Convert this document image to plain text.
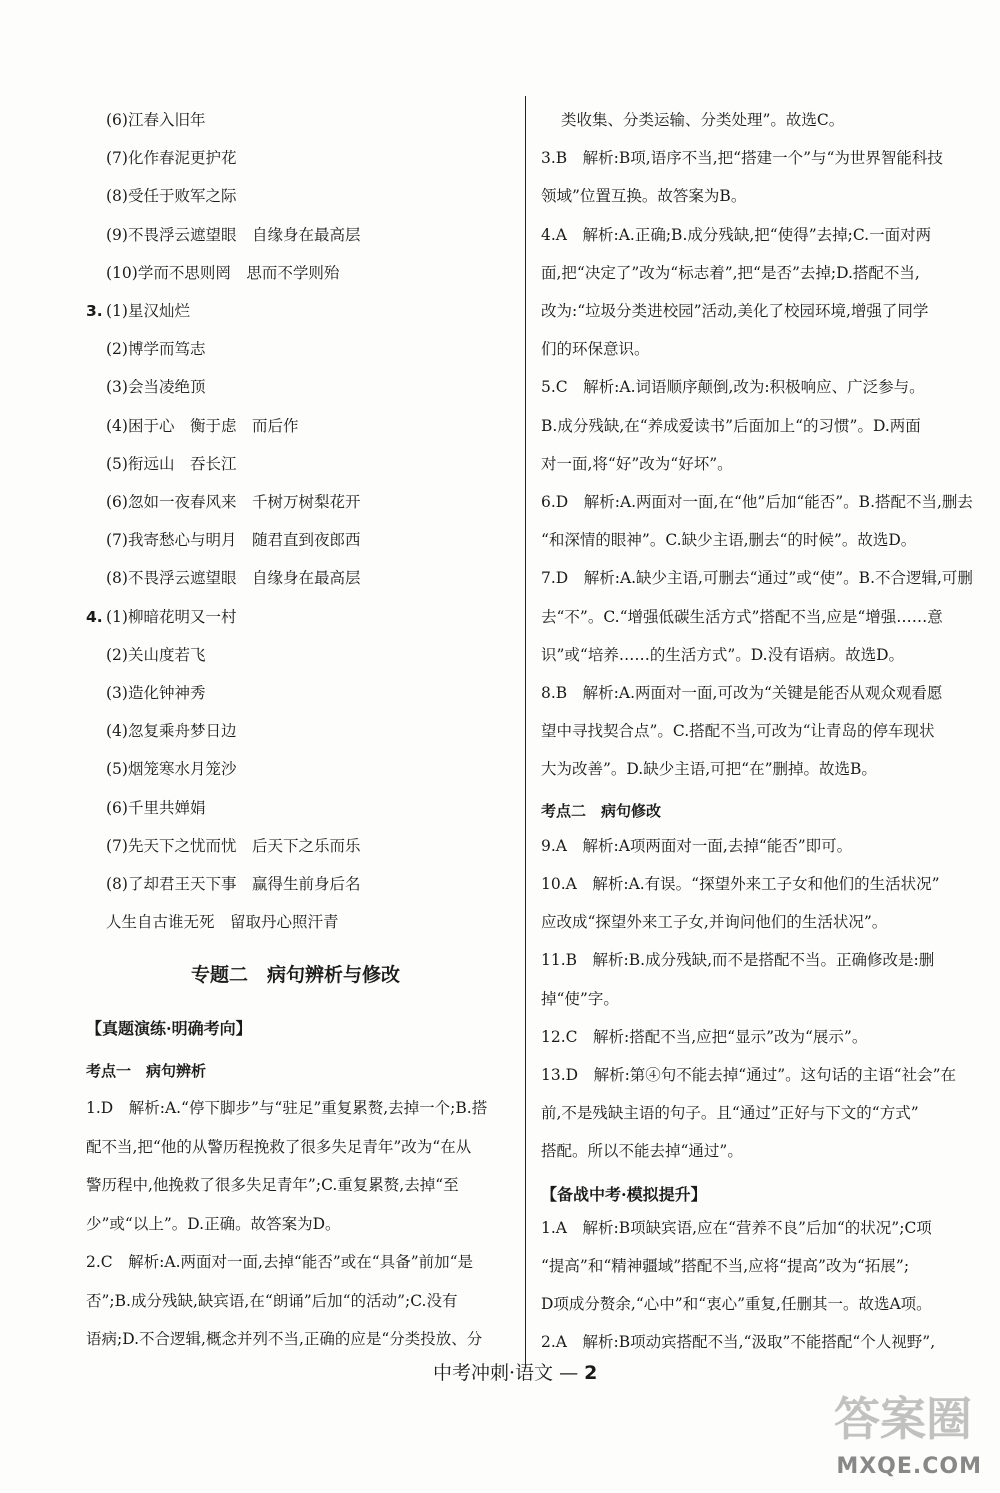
(6)江春入旧年
(7)化作春泥更护花
(8)受任于败军之际
(9)不畏浮云遮望眼　自缘身在最高层
(10)学而不思则罔　思而不学则殆
3. (1)星汉灿烂
(2)博学而笃志
(3)会当凌绝顶
(4)困于心　衡于虑　而后作
(5)衔远山　吞长江
(6)忽如一夜春风来　千树万树梨花开
(7)我寄愁心与明月　随君直到夜郎西
(8)不畏浮云遮望眼　自缘身在最高层
4. (1)柳暗花明又一村
(2)关山度若飞
(3)造化钟神秀
(4)忽复乘舟梦日边
(5)烟笼寒水月笼沙
(6)千里共婵娟
(7)先天下之忧而忧　后天下之乐而乐
(8)了却君王天下事　赢得生前身后名
人生自古谁无死　留取丹心照汗青
专题二　病句辨析与修改
【真题演练·明确考向】
考点一　病句辨析
1.D　解析:A.“停下脚步”与“驻足”重复累赘,去掉一个;B.搭
配不当,把“他的从警历程挽救了很多失足青年”改为“在从
警历程中,他挽救了很多失足青年”;C.重复累赘,去掉“至
少”或“以上”。D.正确。故答案为D。
2.C　解析:A.两面对一面,去掉“能否”或在“具备”前加“是
否”;B.成分残缺,缺宾语,在“朗诵”后加“的活动”;C.没有
语病;D.不合逻辑,概念并列不当,正确的应是“分类投放、分
类收集、分类运输、分类处理”。故选C。
3.B　解析:B项,语序不当,把“搭建一个”与“为世界智能科技
领域”位置互换。故答案为B。
4.A　解析:A.正确;B.成分残缺,把“使得”去掉;C.一面对两
面,把“决定了”改为“标志着”,把“是否”去掉;D.搭配不当,
改为:“垃圾分类进校园”活动,美化了校园环境,增强了同学
们的环保意识。
5.C　解析:A.词语顺序颠倒,改为:积极响应、广泛参与。
B.成分残缺,在“养成爱读书”后面加上“的习惯”。D.两面
对一面,将“好”改为“好坏”。
6.D　解析:A.两面对一面,在“他”后加“能否”。B.搭配不当,删去
“和深情的眼神”。C.缺少主语,删去“的时候”。故选D。
7.D　解析:A.缺少主语,可删去“通过”或“使”。B.不合逻辑,可删
去“不”。C.“增强低碳生活方式”搭配不当,应是“增强……意
识”或“培养……的生活方式”。D.没有语病。故选D。
8.B　解析:A.两面对一面,可改为“关键是能否从观众观看愿
望中寻找契合点”。C.搭配不当,可改为“让青岛的停车现状
大为改善”。D.缺少主语,可把“在”删掉。故选B。
考点二　病句修改
9.A　解析:A项两面对一面,去掉“能否”即可。
10.A　解析:A.有误。“探望外来工子女和他们的生活状况”
应改成“探望外来工子女,并询问他们的生活状况”。
11.B　解析:B.成分残缺,而不是搭配不当。正确修改是:删
掉“使”字。
12.C　解析:搭配不当,应把“显示”改为“展示”。
13.D　解析:第④句不能去掉“通过”。这句话的主语“社会”在
前,不是残缺主语的句子。且“通过”正好与下文的“方式”
搭配。所以不能去掉“通过”。
【备战中考·模拟提升】
1.A　解析:B项缺宾语,应在“营养不良”后加“的状况”;C项
“提高”和“精神疆域”搭配不当,应将“提高”改为“拓展”;
D项成分赘余,“心中”和“衷心”重复,任删其一。故选A项。
2.A　解析:B项动宾搭配不当,“汲取”不能搭配“个人视野”,
中考冲刺·语文 — 2
答案圈
MXQE.COM
